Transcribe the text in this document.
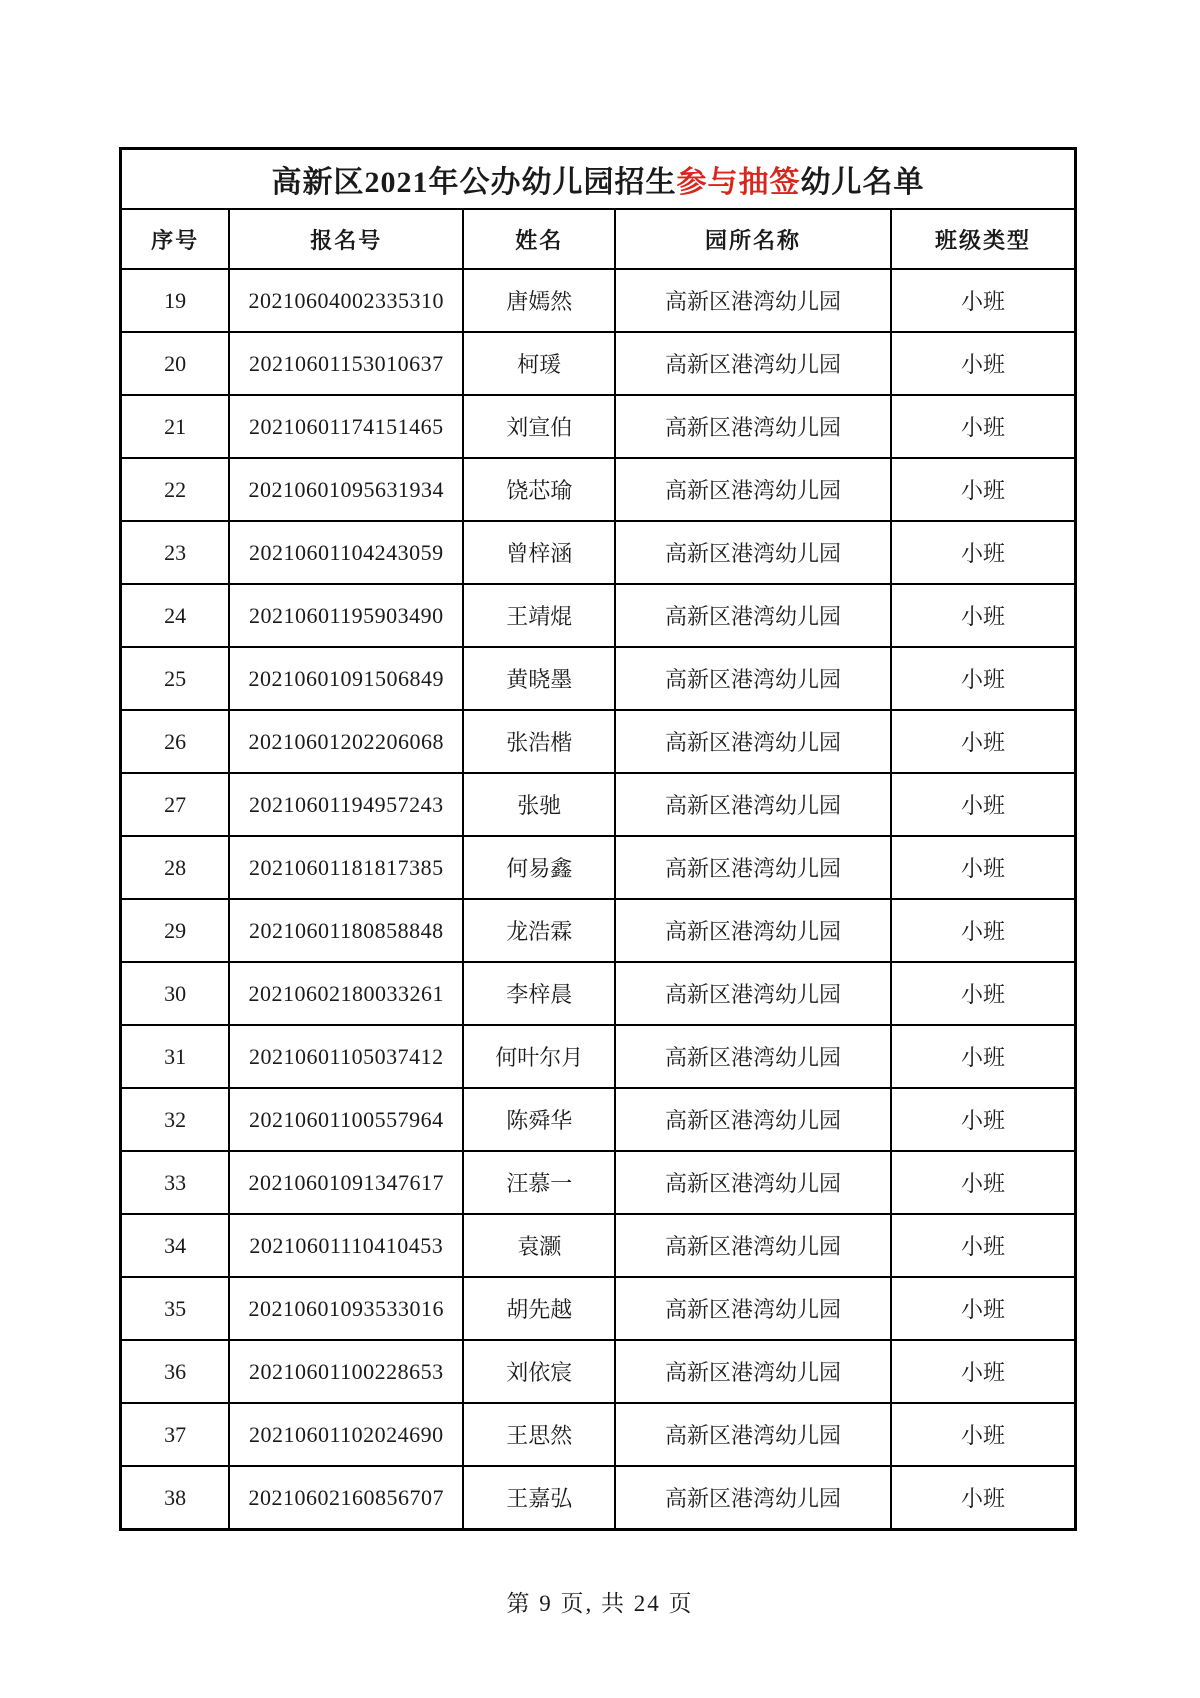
高新区2021年公办幼儿园招生参与抽签幼儿名单				
序号	报名号	姓名	园所名称	班级类型
19	20210604002335310	唐嫣然	高新区港湾幼儿园	小班
20	20210601153010637	柯瑗	高新区港湾幼儿园	小班
21	20210601174151465	刘宣伯	高新区港湾幼儿园	小班
22	20210601095631934	饶芯瑜	高新区港湾幼儿园	小班
23	20210601104243059	曾梓涵	高新区港湾幼儿园	小班
24	20210601195903490	王靖焜	高新区港湾幼儿园	小班
25	20210601091506849	黄晓墨	高新区港湾幼儿园	小班
26	20210601202206068	张浩楷	高新区港湾幼儿园	小班
27	20210601194957243	张驰	高新区港湾幼儿园	小班
28	20210601181817385	何易鑫	高新区港湾幼儿园	小班
29	20210601180858848	龙浩霖	高新区港湾幼儿园	小班
30	20210602180033261	李梓晨	高新区港湾幼儿园	小班
31	20210601105037412	何叶尔月	高新区港湾幼儿园	小班
32	20210601100557964	陈舜华	高新区港湾幼儿园	小班
33	20210601091347617	汪慕一	高新区港湾幼儿园	小班
34	20210601110410453	袁灏	高新区港湾幼儿园	小班
35	20210601093533016	胡先越	高新区港湾幼儿园	小班
36	20210601100228653	刘依宸	高新区港湾幼儿园	小班
37	20210601102024690	王思然	高新区港湾幼儿园	小班
38	20210602160856707	王嘉弘	高新区港湾幼儿园	小班
第 9 页, 共 24 页
